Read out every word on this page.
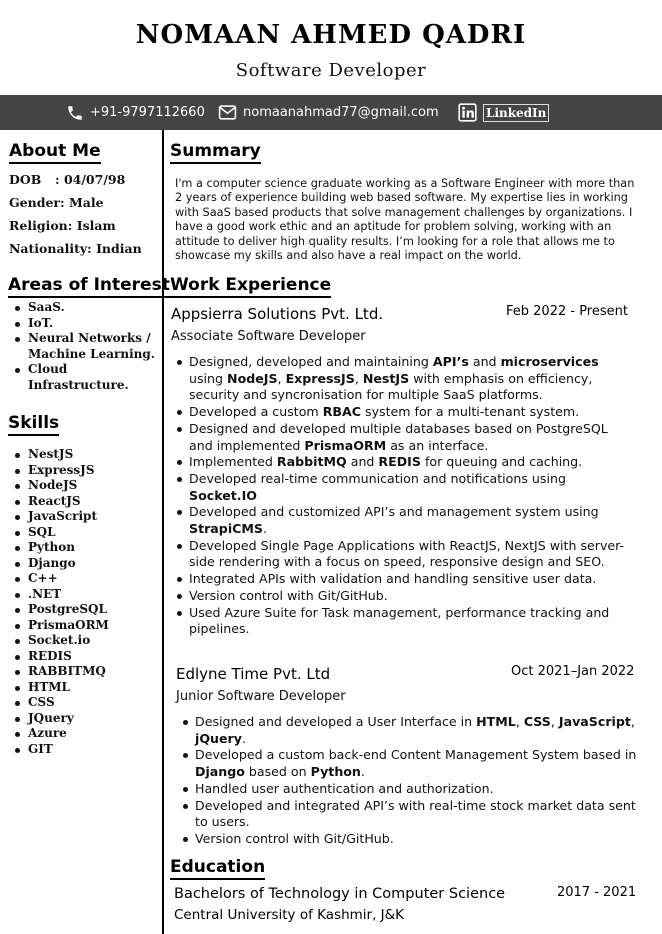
NOMAAN AHMED QADRI
Software Developer
+91-9797112660	nomaanahmad77@gmail.com	LinkedIn
About Me
DOB : 04/07/98
Gender: Male
Religion: Islam
Nationality: Indian
Areas of Interest
SaaS.
IoT.
Neural Networks / Machine Learning.
Cloud Infrastructure.
Skills
NestJS
ExpressJS
NodeJS
ReactJS
JavaScript
SQL
Python
Django
C++
.NET
PostgreSQL
PrismaORM
Socket.io
REDIS
RABBITMQ
HTML
CSS
JQuery
Azure
GIT
Summary
I'm a computer science graduate working as a Software Engineer with more than 2 years of experience building web based software. My expertise lies in working with SaaS based products that solve management challenges by organizations. I have a good work ethic and an aptitude for problem solving, working with an attitude to deliver high quality results. I’m looking for a role that allows me to showcase my skills and also have a real impact on the world.
Work Experience
Appsierra Solutions Pvt. Ltd.	Feb 2022 - Present
Associate Software Developer
Designed, developed and maintaining API’s and microservices using NodeJS, ExpressJS, NestJS with emphasis on efficiency, security and syncronisation for multiple SaaS platforms.
Developed a custom RBAC system for a multi-tenant system.
Designed and developed multiple databases based on PostgreSQL and implemented PrismaORM as an interface.
Implemented RabbitMQ and REDIS for queuing and caching.
Developed real-time communication and notifications using Socket.IO
Developed and customized API’s and management system using StrapiCMS.
Developed Single Page Applications with ReactJS, NextJS with server-side rendering with a focus on speed, responsive design and SEO.
Integrated APIs with validation and handling sensitive user data.
Version control with Git/GitHub.
Used Azure Suite for Task management, performance tracking and pipelines.
Edlyne Time Pvt. Ltd	Oct 2021–Jan 2022
Junior Software Developer
Designed and developed a User Interface in HTML, CSS, JavaScript, jQuery.
Developed a custom back-end Content Management System based in Django based on Python.
Handled user authentication and authorization.
Developed and integrated API’s with real-time stock market data sent to users.
Version control with Git/GitHub.
Education
Bachelors of Technology in Computer Science	2017 - 2021
Central University of Kashmir, J&K
